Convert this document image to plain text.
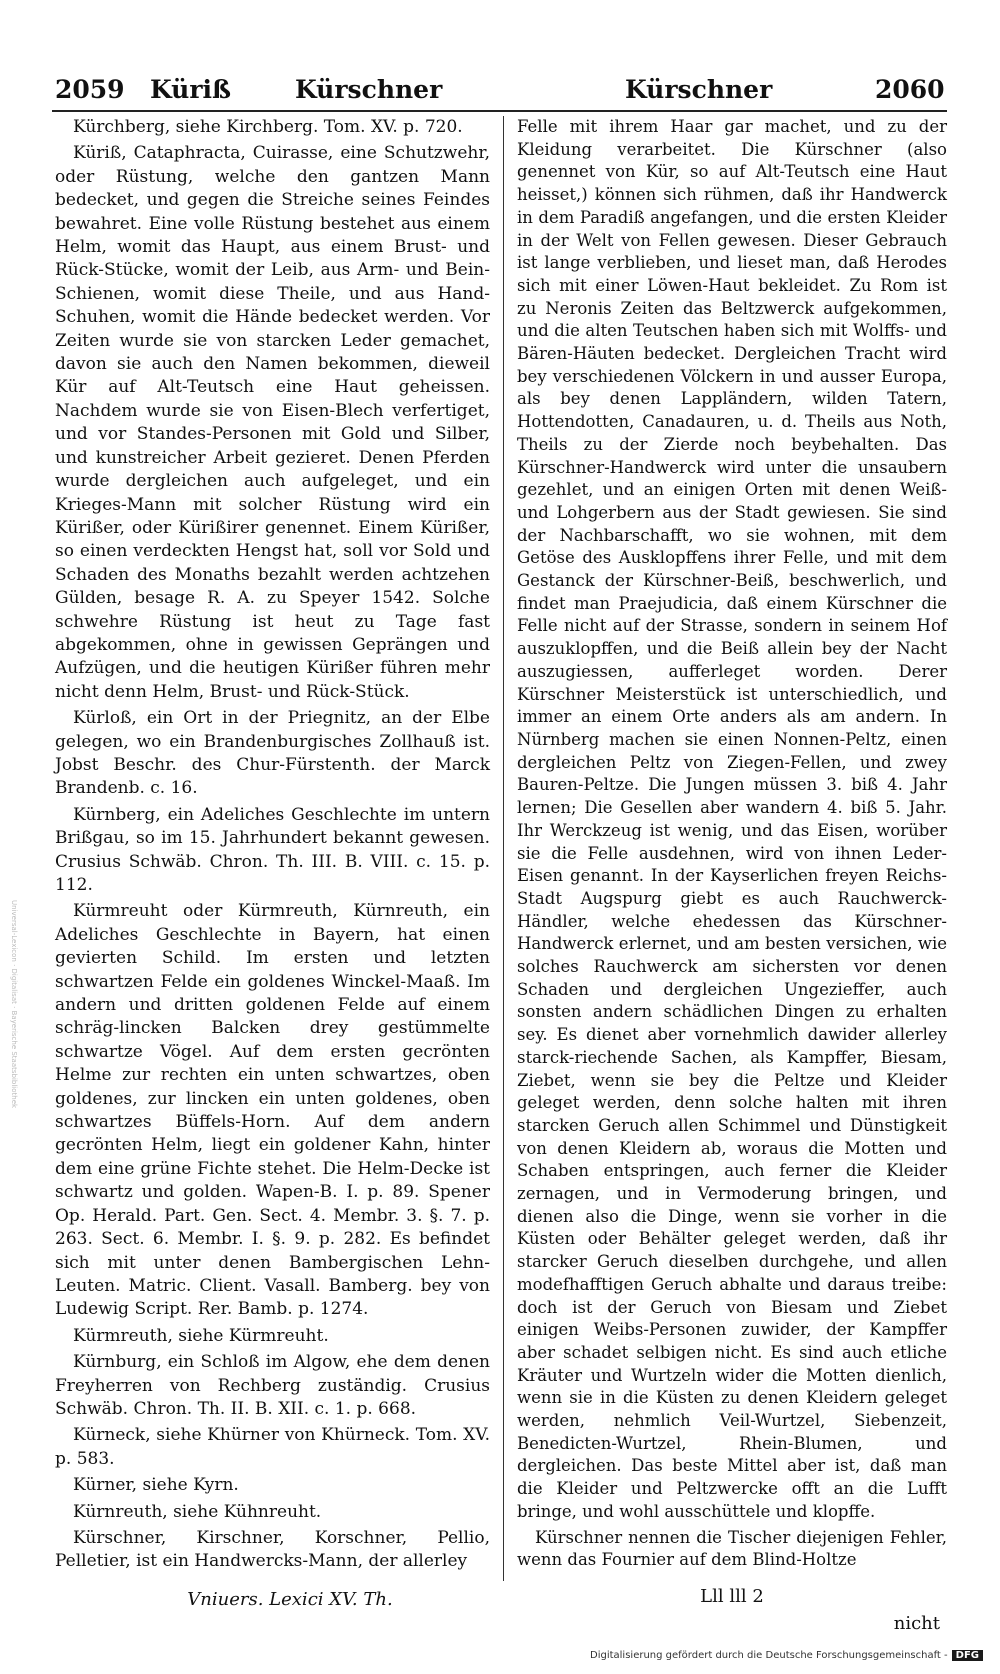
2059 Küriß	Kürschner	Kürschner	2060

Kürchberg, siehe Kirchberg. Tom. XV. p. 720.

Küriß, Cataphracta, Cuirasse, eine Schutzwehr, oder Rüstung, welche den gantzen Mann bedecket, und gegen die Streiche seines Feindes bewahret. Eine volle Rüstung bestehet aus einem Helm, womit das Haupt, aus einem Brust- und Rück-Stücke, womit der Leib, aus Arm- und Bein-Schienen, womit diese Theile, und aus Hand-Schuhen, womit die Hände bedecket werden. Vor Zeiten wurde sie von starcken Leder gemachet, davon sie auch den Namen bekommen, dieweil Kür auf Alt-Teutsch eine Haut geheissen. Nachdem wurde sie von Eisen-Blech verfertiget, und vor Standes-Personen mit Gold und Silber, und kunstreicher Arbeit gezieret. Denen Pferden wurde dergleichen auch aufgeleget, und ein Krieges-Mann mit solcher Rüstung wird ein Kürißer, oder Kürißirer genennet. Einem Kürißer, so einen verdeckten Hengst hat, soll vor Sold und Schaden des Monaths bezahlt werden achtzehen Gülden, besage R. A. zu Speyer 1542. Solche schwehre Rüstung ist heut zu Tage fast abgekommen, ohne in gewissen Geprängen und Aufzügen, und die heutigen Kürißer führen mehr nicht denn Helm, Brust- und Rück-Stück.

Kürloß, ein Ort in der Priegnitz, an der Elbe gelegen, wo ein Brandenburgisches Zollhauß ist. Jobst Beschr. des Chur-Fürstenth. der Marck Brandenb. c. 16.

Kürnberg, ein Adeliches Geschlechte im untern Brißgau, so im 15. Jahrhundert bekannt gewesen. Crusius Schwäb. Chron. Th. III. B. VIII. c. 15. p. 112.

Kürmreuht oder Kürmreuth, Kürnreuth, ein Adeliches Geschlechte in Bayern, hat einen gevierten Schild. Im ersten und letzten schwartzen Felde ein goldenes Winckel-Maaß. Im andern und dritten goldenen Felde auf einem schräg-lincken Balcken drey gestümmelte schwartze Vögel. Auf dem ersten gecrönten Helme zur rechten ein unten schwartzes, oben goldenes, zur lincken ein unten goldenes, oben schwartzes Büffels-Horn. Auf dem andern gecrönten Helm, liegt ein goldener Kahn, hinter dem eine grüne Fichte stehet. Die Helm-Decke ist schwartz und golden. Wapen-B. I. p. 89. Spener Op. Herald. Part. Gen. Sect. 4. Membr. 3. §. 7. p. 263. Sect. 6. Membr. I. §. 9. p. 282. Es befindet sich mit unter denen Bambergischen Lehn-Leuten. Matric. Client. Vasall. Bamberg. bey von Ludewig Script. Rer. Bamb. p. 1274.

Kürmreuth, siehe Kürmreuht.

Kürnburg, ein Schloß im Algow, ehe dem denen Freyherren von Rechberg zuständig. Crusius Schwäb. Chron. Th. II. B. XII. c. 1. p. 668.

Kürneck, siehe Khürner von Khürneck. Tom. XV. p. 583.

Kürner, siehe Kyrn.

Kürnreuth, siehe Kühnreuht.

Kürschner, Kirschner, Korschner, Pellio, Pelletier, ist ein Handwercks-Mann, der allerley

Felle mit ihrem Haar gar machet, und zu der Kleidung verarbeitet. Die Kürschner (also genennet von Kür, so auf Alt-Teutsch eine Haut heisset,) können sich rühmen, daß ihr Handwerck in dem Paradiß angefangen, und die ersten Kleider in der Welt von Fellen gewesen. Dieser Gebrauch ist lange verblieben, und lieset man, daß Herodes sich mit einer Löwen-Haut bekleidet. Zu Rom ist zu Neronis Zeiten das Beltzwerck aufgekommen, und die alten Teutschen haben sich mit Wolffs- und Bären-Häuten bedecket. Dergleichen Tracht wird bey verschiedenen Völckern in und ausser Europa, als bey denen Lappländern, wilden Tatern, Hottendotten, Canadauren, u. d. Theils aus Noth, Theils zu der Zierde noch beybehalten. Das Kürschner-Handwerck wird unter die unsaubern gezehlet, und an einigen Orten mit denen Weiß- und Lohgerbern aus der Stadt gewiesen. Sie sind der Nachbarschafft, wo sie wohnen, mit dem Getöse des Ausklopffens ihrer Felle, und mit dem Gestanck der Kürschner-Beiß, beschwerlich, und findet man Praejudicia, daß einem Kürschner die Felle nicht auf der Strasse, sondern in seinem Hof auszuklopffen, und die Beiß allein bey der Nacht auszugiessen, aufferleget worden. Derer Kürschner Meisterstück ist unterschiedlich, und immer an einem Orte anders als am andern. In Nürnberg machen sie einen Nonnen-Peltz, einen dergleichen Peltz von Ziegen-Fellen, und zwey Bauren-Peltze. Die Jungen müssen 3. biß 4. Jahr lernen; Die Gesellen aber wandern 4. biß 5. Jahr. Ihr Werckzeug ist wenig, und das Eisen, worüber sie die Felle ausdehnen, wird von ihnen Leder-Eisen genannt. In der Kayserlichen freyen Reichs-Stadt Augspurg giebt es auch Rauchwerck-Händler, welche ehedessen das Kürschner-Handwerck erlernet, und am besten versichen, wie solches Rauchwerck am sichersten vor denen Schaden und dergleichen Ungezieffer, auch sonsten andern schädlichen Dingen zu erhalten sey. Es dienet aber vornehmlich dawider allerley starck-riechende Sachen, als Kampffer, Biesam, Ziebet, wenn sie bey die Peltze und Kleider geleget werden, denn solche halten mit ihren starcken Geruch allen Schimmel und Dünstigkeit von denen Kleidern ab, woraus die Motten und Schaben entspringen, auch ferner die Kleider zernagen, und in Vermoderung bringen, und dienen also die Dinge, wenn sie vorher in die Küsten oder Behälter geleget werden, daß ihr starcker Geruch dieselben durchgehe, und allen modefhafftigen Geruch abhalte und daraus treibe: doch ist der Geruch von Biesam und Ziebet einigen Weibs-Personen zuwider, der Kampffer aber schadet selbigen nicht. Es sind auch etliche Kräuter und Wurtzeln wider die Motten dienlich, wenn sie in die Küsten zu denen Kleidern geleget werden, nehmlich Veil-Wurtzel, Siebenzeit, Benedicten-Wurtzel, Rhein-Blumen, und dergleichen. Das beste Mittel aber ist, daß man die Kleider und Peltzwercke offt an die Lufft bringe, und wohl ausschüttele und klopffe.

Kürschner nennen die Tischer diejenigen Fehler, wenn das Fournier auf dem Blind-Holtze

Vniuers. Lexici XV. Th.	Lll lll 2
nicht
Digitalisierung gefördert durch die Deutsche Forschungsgemeinschaft - DFG
Universal-Lexicon · Digitalisat · Bayerische Staatsbibliothek
